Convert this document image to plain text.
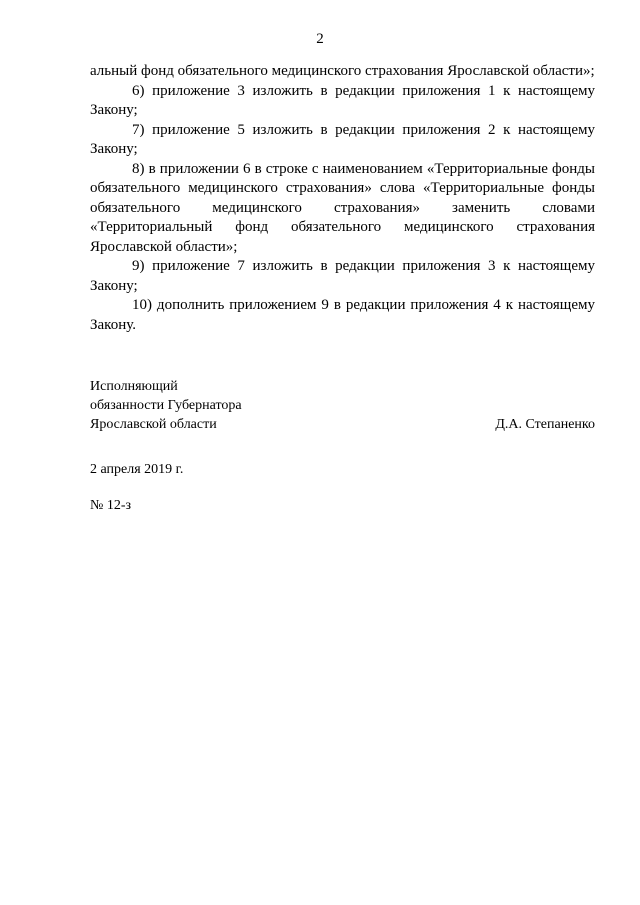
2

альный фонд обязательного медицинского страхования Ярославской области»;

6) приложение 3 изложить в редакции приложения 1 к настоящему Закону;

7) приложение 5 изложить в редакции приложения 2 к настоящему Закону;

8) в приложении 6 в строке с наименованием «Территориальные фонды обязательного медицинского страхования» слова «Территориальные фонды обязательного медицинского страхования» заменить словами «Территориальный фонд обязательного медицинского страхования Ярославской области»;

9) приложение 7 изложить в редакции приложения 3 к настоящему Закону;

10) дополнить приложением 9 в редакции приложения 4 к настоящему Закону.

Исполняющий
обязанности Губернатора
Ярославской области	Д.А. Степаненко
2 апреля 2019 г.
№ 12-з
